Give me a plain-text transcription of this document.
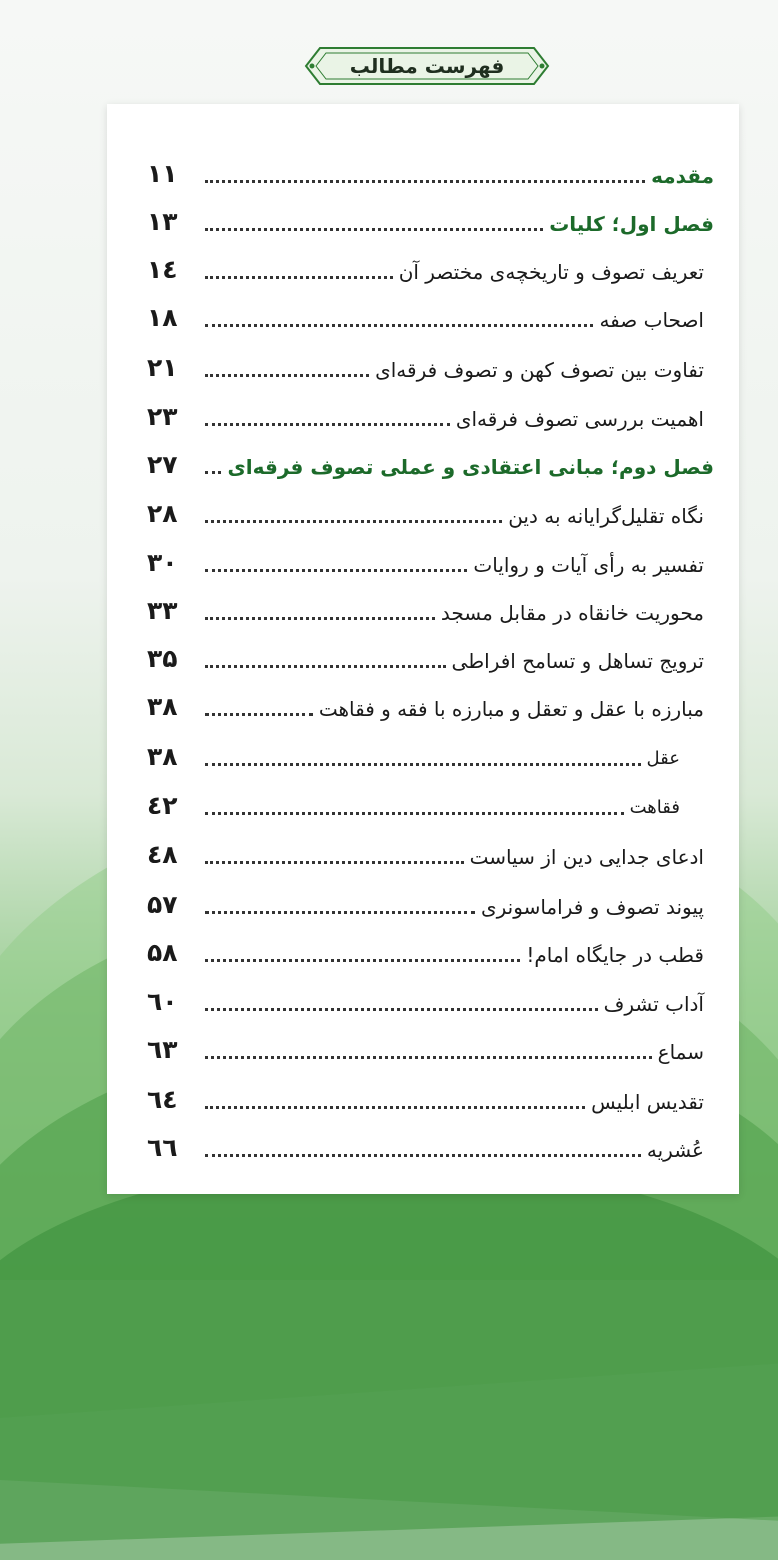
فهرست مطالب
۱۱	مقدمه
۱۳	فصل اول؛ کلیات
۱٤	تعریف تصوف و تاریخچه‌ی مختصر آن
۱۸	اصحاب صفه
۲۱	تفاوت بین تصوف کهن و تصوف فرقه‌ای
۲۳	اهمیت بررسی تصوف فرقه‌ای
۲۷	فصل دوم؛ مبانی اعتقادی و عملی تصوف فرقه‌ای
۲۸	نگاه تقلیل‌گرایانه به دین
۳۰	تفسیر به رأی آیات و روایات
۳۳	محوریت خانقاه در مقابل مسجد
۳۵	ترویج تساهل و تسامح افراطی
۳۸	مبارزه با عقل و تعقل و مبارزه با فقه و فقاهت
۳۸	عقل
٤۲	فقاهت
٤۸	ادعای جدایی دین از سیاست
۵۷	پیوند تصوف و فراماسونری
۵۸	قطب در جایگاه امام!
٦۰	آداب تشرف
٦۳	سماع
٦٤	تقدیس ابلیس
٦٦	عُشریه
